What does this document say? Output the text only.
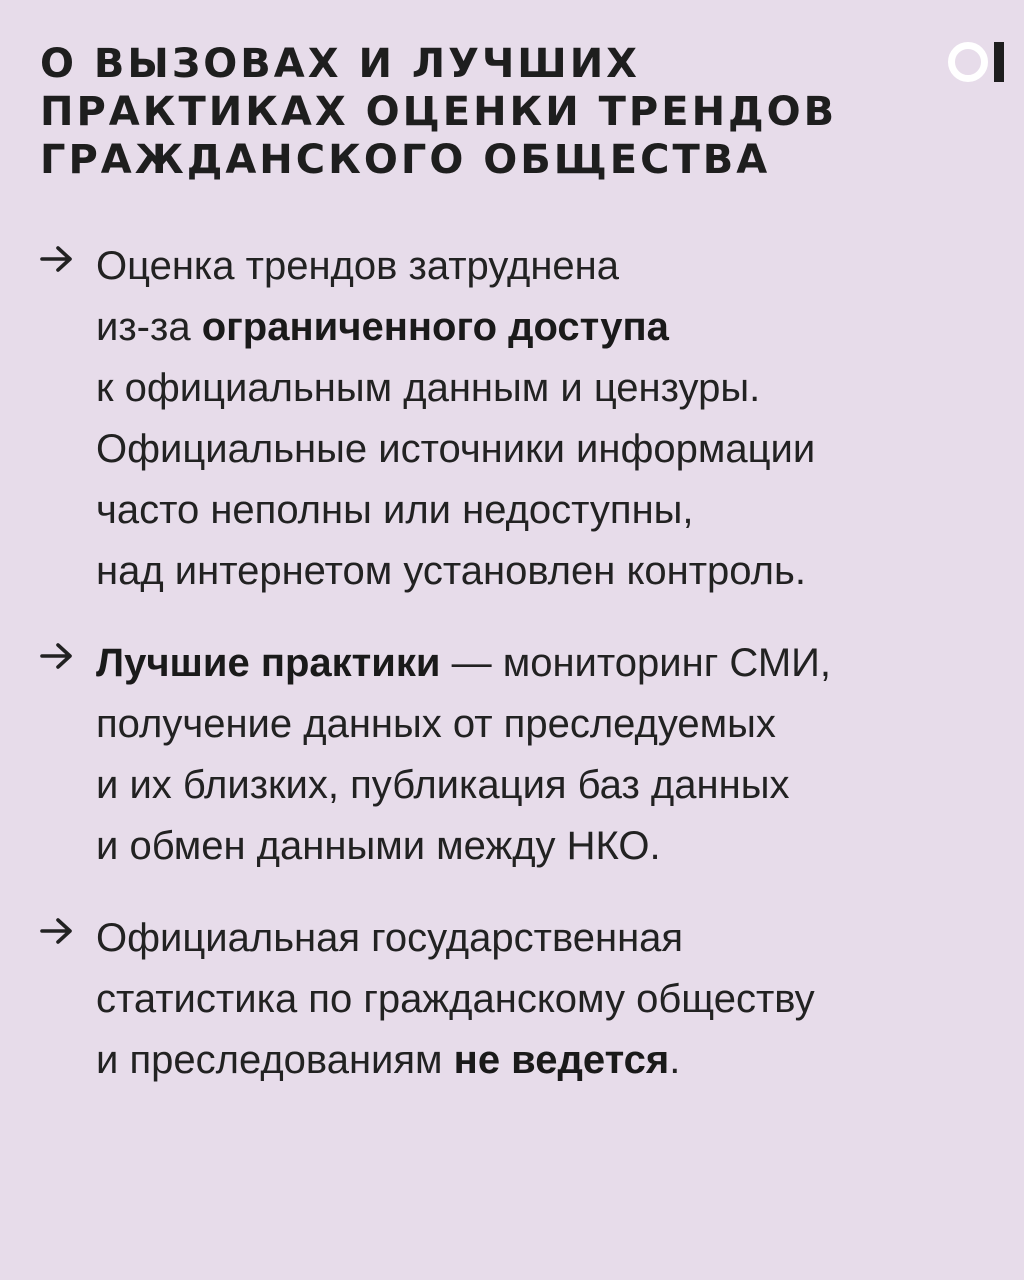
О ВЫЗОВАХ И ЛУЧШИХ
ПРАКТИКАХ ОЦЕНКИ ТРЕНДОВ
ГРАЖДАНСКОГО ОБЩЕСТВА
Оценка трендов затруднена
из-за ограниченного доступа
к официальным данным и цензуры.
Официальные источники информации
часто неполны или недоступны,
над интернетом установлен контроль.
Лучшие практики — мониторинг СМИ,
получение данных от преследуемых
и их близких, публикация баз данных
и обмен данными между НКО.
Официальная государственная
статистика по гражданскому обществу
и преследованиям не ведется.
